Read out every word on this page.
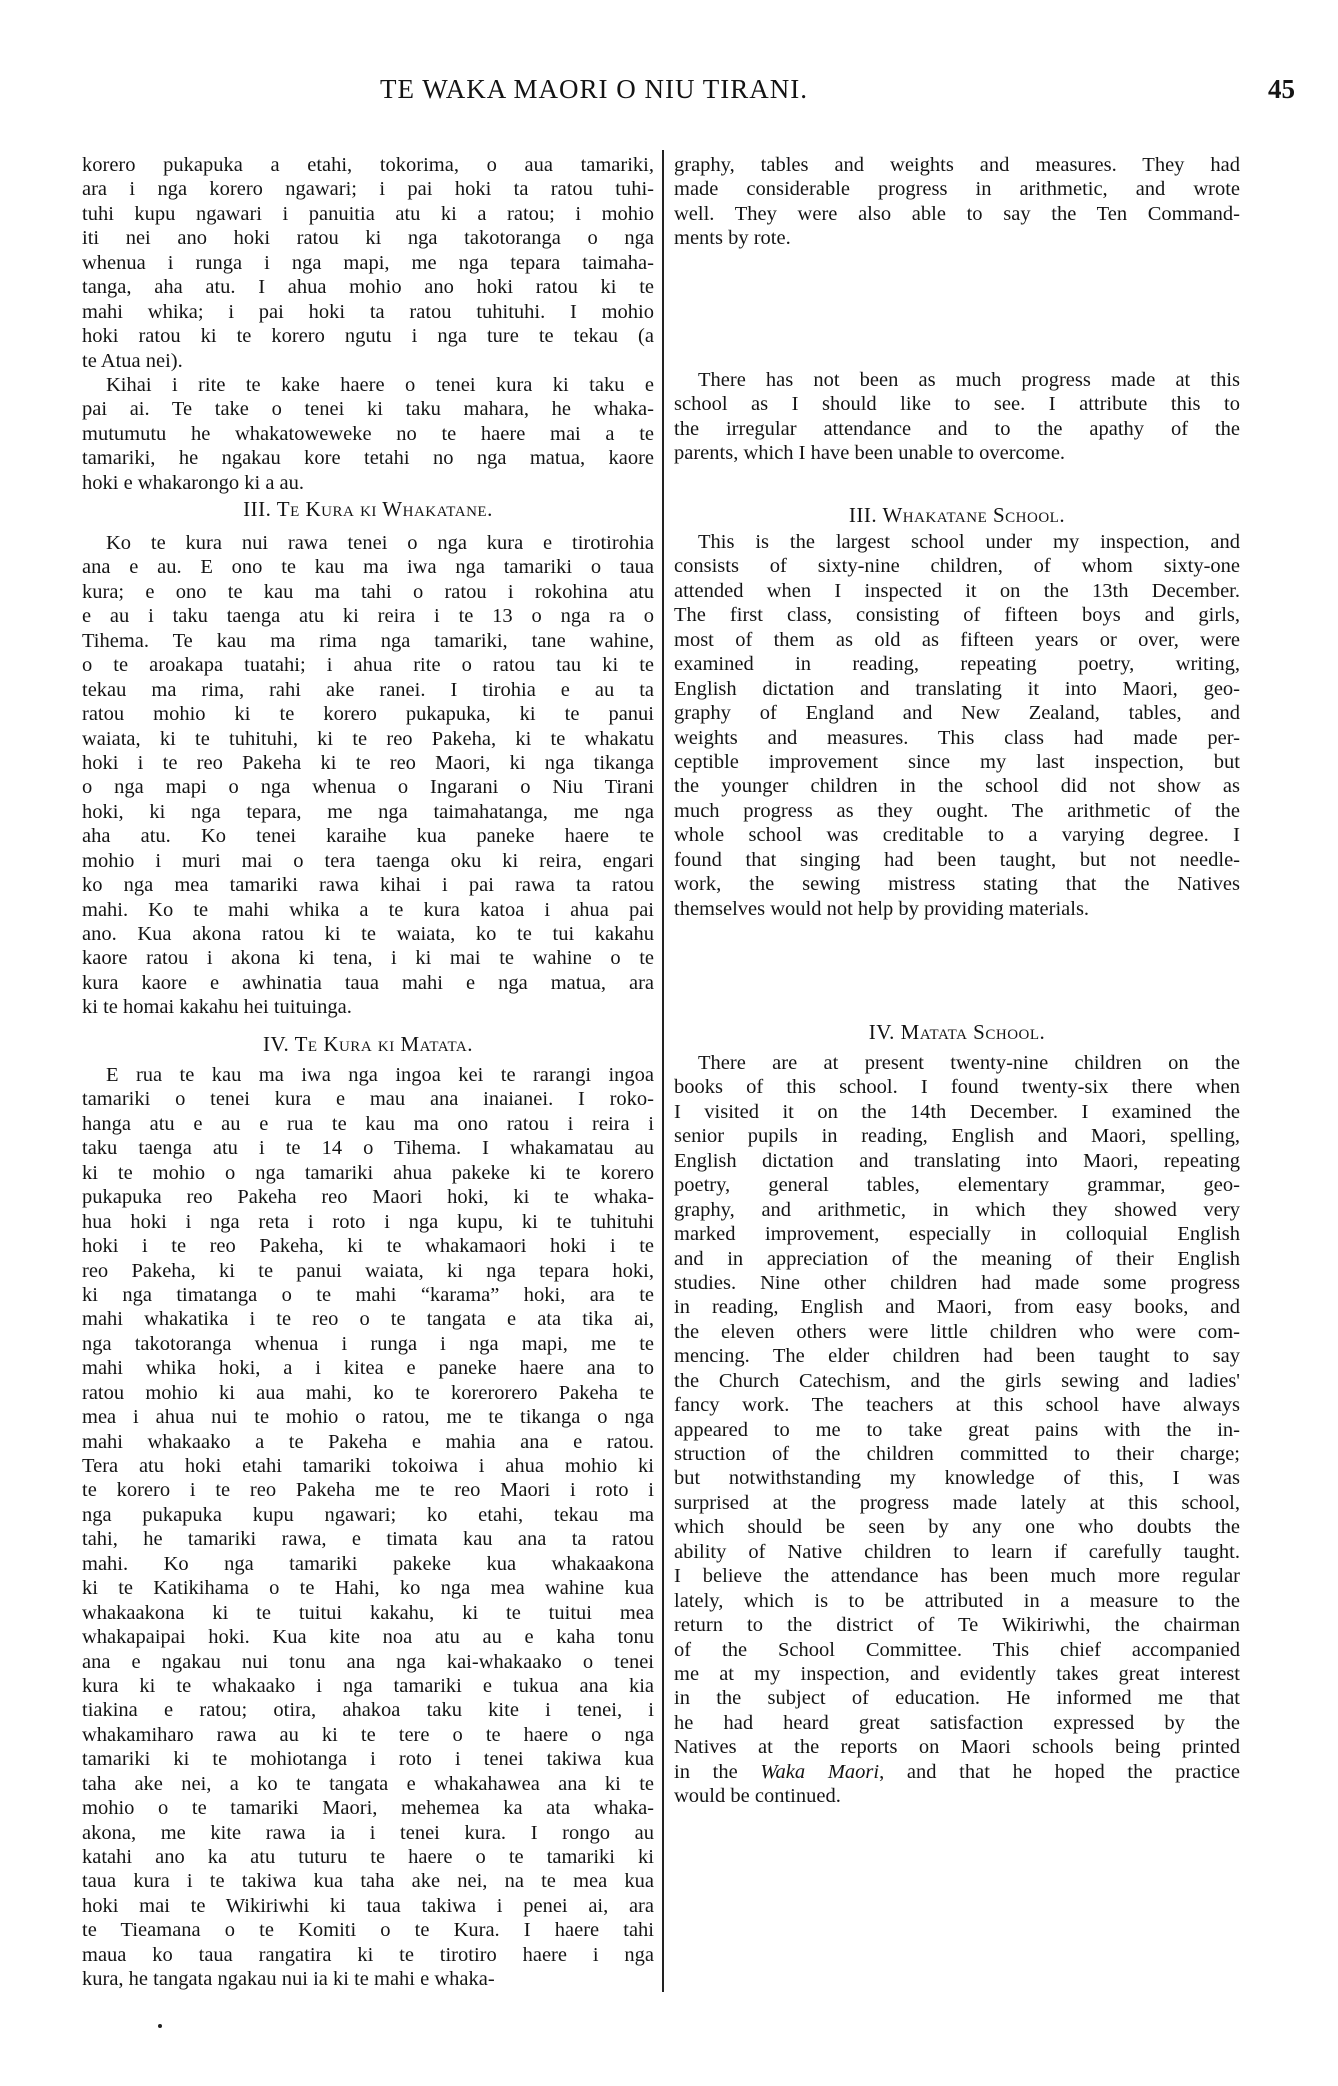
TE WAKA MAORI O NIU TIRANI.	45
korero pukapuka a etahi, tokorima, o aua tamariki,
ara i nga korero ngawari; i pai hoki ta ratou tuhi-
tuhi kupu ngawari i panuitia atu ki a ratou; i mohio
iti nei ano hoki ratou ki nga takotoranga o nga
whenua i runga i nga mapi, me nga tepara taimaha-
tanga, aha atu. I ahua mohio ano hoki ratou ki te
mahi whika; i pai hoki ta ratou tuhituhi. I mohio
hoki ratou ki te korero ngutu i nga ture te tekau (a
te Atua nei).
Kihai i rite te kake haere o tenei kura ki taku e
pai ai. Te take o tenei ki taku mahara, he whaka-
mutumutu he whakatoweweke no te haere mai a te
tamariki, he ngakau kore tetahi no nga matua, kaore
hoki e whakarongo ki a au.
III. Te Kura ki Whakatane.
Ko te kura nui rawa tenei o nga kura e tirotirohia
ana e au. E ono te kau ma iwa nga tamariki o taua
kura; e ono te kau ma tahi o ratou i rokohina atu
e au i taku taenga atu ki reira i te 13 o nga ra o
Tihema. Te kau ma rima nga tamariki, tane wahine,
o te aroakapa tuatahi; i ahua rite o ratou tau ki te
tekau ma rima, rahi ake ranei. I tirohia e au ta
ratou mohio ki te korero pukapuka, ki te panui
waiata, ki te tuhituhi, ki te reo Pakeha, ki te whakatu
hoki i te reo Pakeha ki te reo Maori, ki nga tikanga
o nga mapi o nga whenua o Ingarani o Niu Tirani
hoki, ki nga tepara, me nga taimahatanga, me nga
aha atu. Ko tenei karaihe kua paneke haere te
mohio i muri mai o tera taenga oku ki reira, engari
ko nga mea tamariki rawa kihai i pai rawa ta ratou
mahi. Ko te mahi whika a te kura katoa i ahua pai
ano. Kua akona ratou ki te waiata, ko te tui kakahu
kaore ratou i akona ki tena, i ki mai te wahine o te
kura kaore e awhinatia taua mahi e nga matua, ara
ki te homai kakahu hei tuituinga.
IV. Te Kura ki Matata.
E rua te kau ma iwa nga ingoa kei te rarangi ingoa
tamariki o tenei kura e mau ana inaianei. I roko-
hanga atu e au e rua te kau ma ono ratou i reira i
taku taenga atu i te 14 o Tihema. I whakamatau au
ki te mohio o nga tamariki ahua pakeke ki te korero
pukapuka reo Pakeha reo Maori hoki, ki te whaka-
hua hoki i nga reta i roto i nga kupu, ki te tuhituhi
hoki i te reo Pakeha, ki te whakamaori hoki i te
reo Pakeha, ki te panui waiata, ki nga tepara hoki,
ki nga timatanga o te mahi “karama” hoki, ara te
mahi whakatika i te reo o te tangata e ata tika ai,
nga takotoranga whenua i runga i nga mapi, me te
mahi whika hoki, a i kitea e paneke haere ana to
ratou mohio ki aua mahi, ko te korerorero Pakeha te
mea i ahua nui te mohio o ratou, me te tikanga o nga
mahi whakaako a te Pakeha e mahia ana e ratou.
Tera atu hoki etahi tamariki tokoiwa i ahua mohio ki
te korero i te reo Pakeha me te reo Maori i roto i
nga pukapuka kupu ngawari; ko etahi, tekau ma
tahi, he tamariki rawa, e timata kau ana ta ratou
mahi. Ko nga tamariki pakeke kua whakaakona
ki te Katikihama o te Hahi, ko nga mea wahine kua
whakaakona ki te tuitui kakahu, ki te tuitui mea
whakapaipai hoki. Kua kite noa atu au e kaha tonu
ana e ngakau nui tonu ana nga kai-whakaako o tenei
kura ki te whakaako i nga tamariki e tukua ana kia
tiakina e ratou; otira, ahakoa taku kite i tenei, i
whakamiharo rawa au ki te tere o te haere o nga
tamariki ki te mohiotanga i roto i tenei takiwa kua
taha ake nei, a ko te tangata e whakahawea ana ki te
mohio o te tamariki Maori, mehemea ka ata whaka-
akona, me kite rawa ia i tenei kura. I rongo au
katahi ano ka atu tuturu te haere o te tamariki ki
taua kura i te takiwa kua taha ake nei, na te mea kua
hoki mai te Wikiriwhi ki taua takiwa i penei ai, ara
te Tieamana o te Komiti o te Kura. I haere tahi
maua ko taua rangatira ki te tirotiro haere i nga
kura, he tangata ngakau nui ia ki te mahi e whaka-
graphy, tables and weights and measures. They had
made considerable progress in arithmetic, and wrote
well. They were also able to say the Ten Command-
ments by rote.
There has not been as much progress made at this
school as I should like to see. I attribute this to
the irregular attendance and to the apathy of the
parents, which I have been unable to overcome.
III. Whakatane School.
This is the largest school under my inspection, and
consists of sixty-nine children, of whom sixty-one
attended when I inspected it on the 13th December.
The first class, consisting of fifteen boys and girls,
most of them as old as fifteen years or over, were
examined in reading, repeating poetry, writing,
English dictation and translating it into Maori, geo-
graphy of England and New Zealand, tables, and
weights and measures. This class had made per-
ceptible improvement since my last inspection, but
the younger children in the school did not show as
much progress as they ought. The arithmetic of the
whole school was creditable to a varying degree. I
found that singing had been taught, but not needle-
work, the sewing mistress stating that the Natives
themselves would not help by providing materials.
IV. Matata School.
There are at present twenty-nine children on the
books of this school. I found twenty-six there when
I visited it on the 14th December. I examined the
senior pupils in reading, English and Maori, spelling,
English dictation and translating into Maori, repeating
poetry, general tables, elementary grammar, geo-
graphy, and arithmetic, in which they showed very
marked improvement, especially in colloquial English
and in appreciation of the meaning of their English
studies. Nine other children had made some progress
in reading, English and Maori, from easy books, and
the eleven others were little children who were com-
mencing. The elder children had been taught to say
the Church Catechism, and the girls sewing and ladies'
fancy work. The teachers at this school have always
appeared to me to take great pains with the in-
struction of the children committed to their charge;
but notwithstanding my knowledge of this, I was
surprised at the progress made lately at this school,
which should be seen by any one who doubts the
ability of Native children to learn if carefully taught.
I believe the attendance has been much more regular
lately, which is to be attributed in a measure to the
return to the district of Te Wikiriwhi, the chairman
of the School Committee. This chief accompanied
me at my inspection, and evidently takes great interest
in the subject of education. He informed me that
he had heard great satisfaction expressed by the
Natives at the reports on Maori schools being printed
in the Waka Maori, and that he hoped the practice
would be continued.
